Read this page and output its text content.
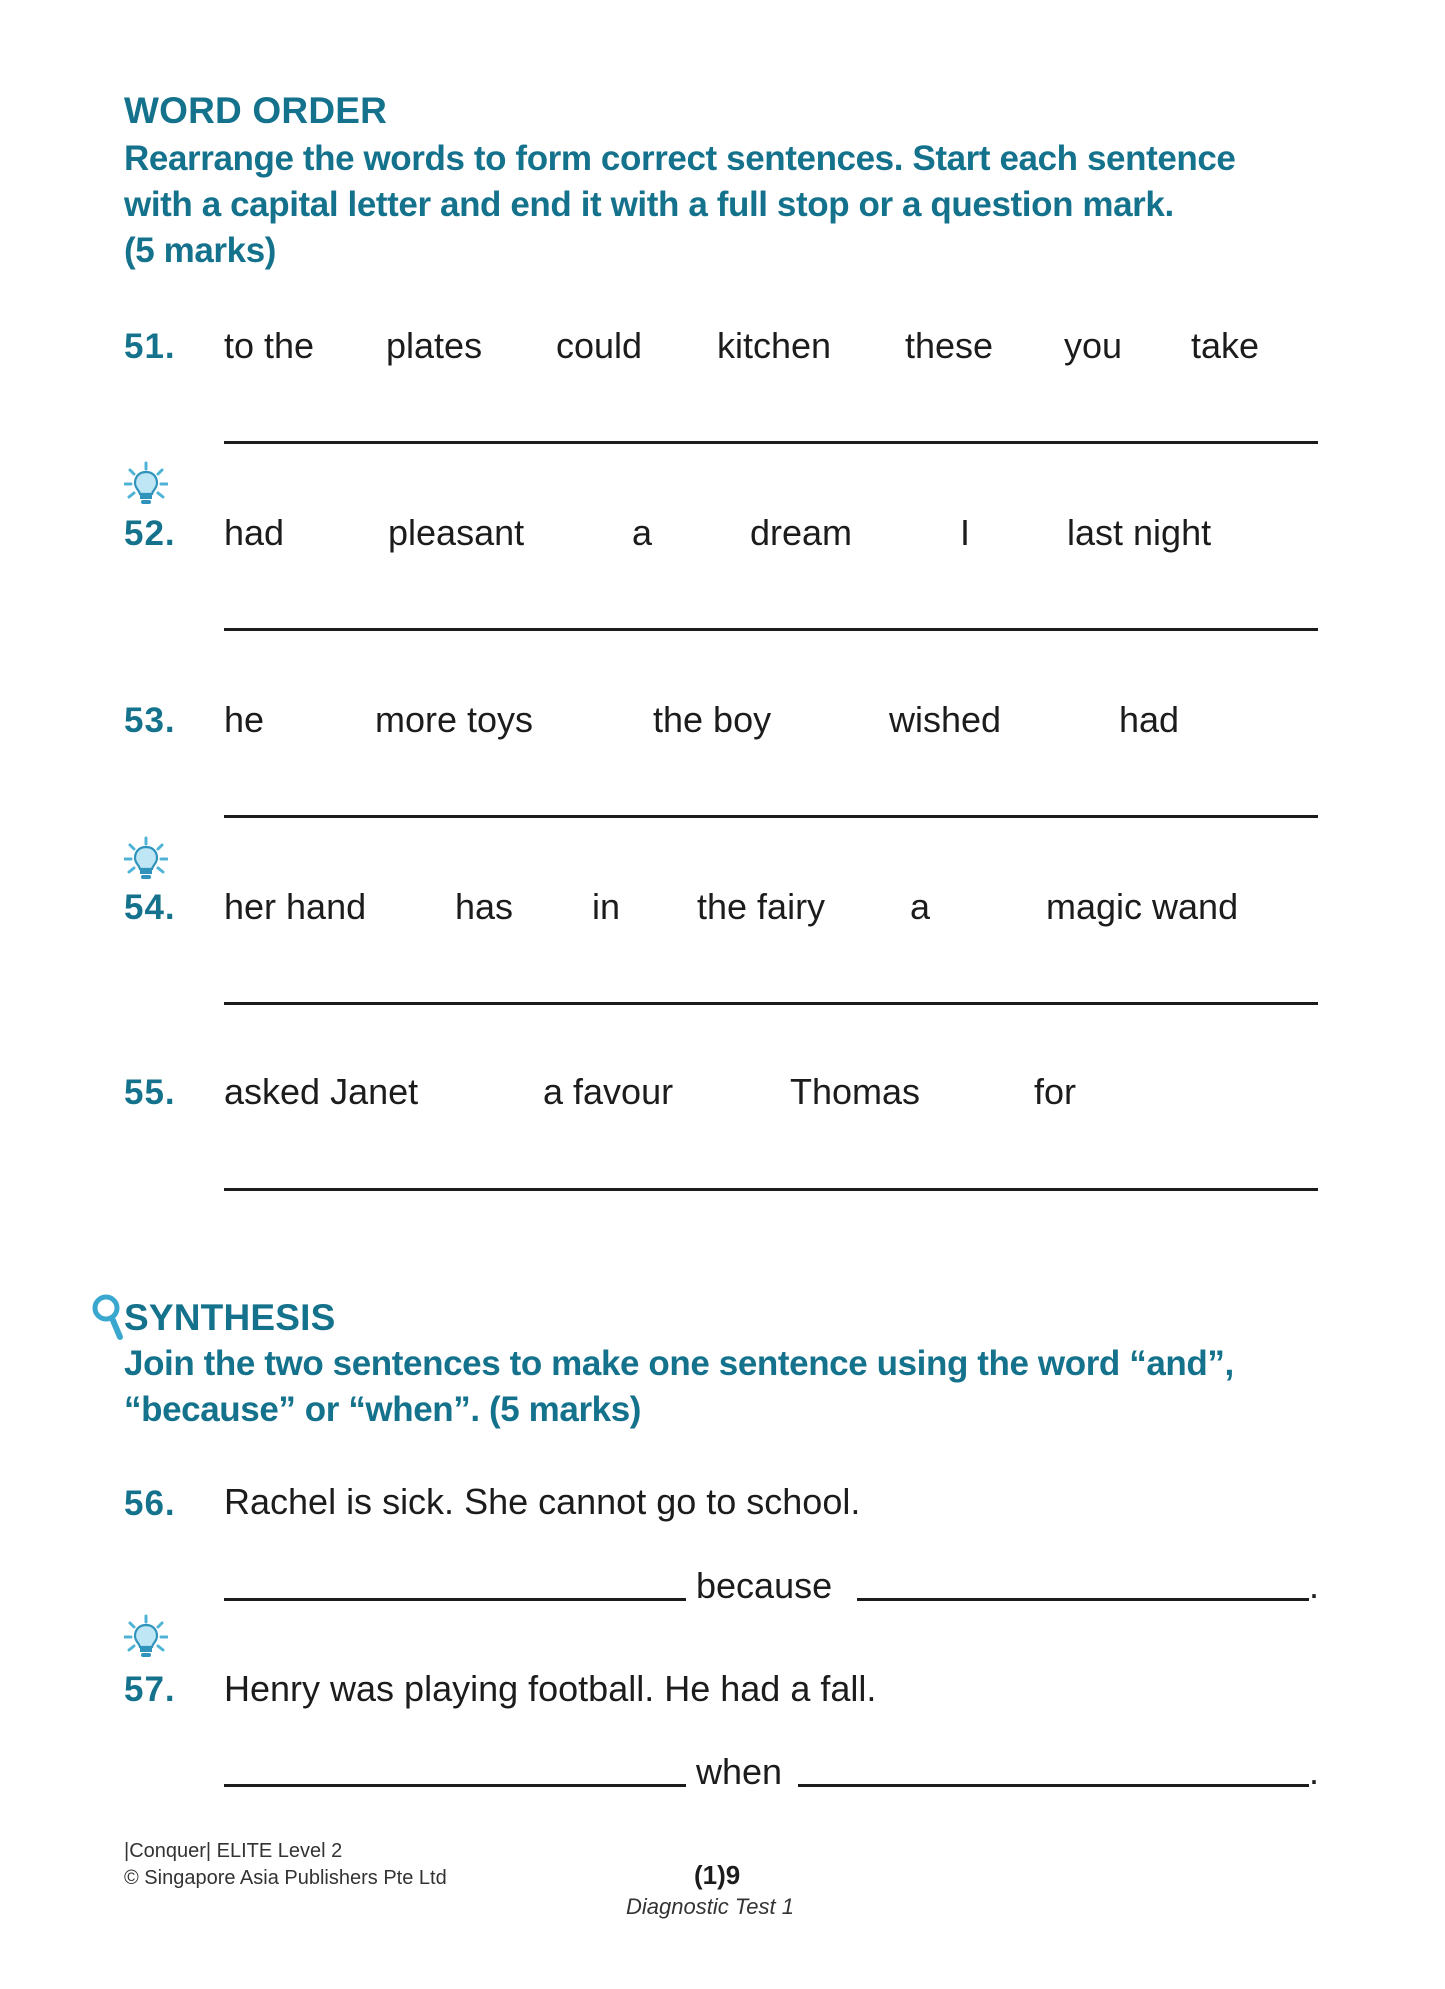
WORD ORDER
Rearrange the words to form correct sentences. Start each sentence
with a capital letter and end it with a full stop or a question mark.
(5 marks)
51. to the plates could kitchen these you take
52. had	pleasant	a	dream	I	last night
53. he	more toys	the boy	wished	had
54. her hand has in the fairy a	magic wand
55. asked Janet	a favour	Thomas	for
SYNTHESIS
Join the two sentences to make one sentence using the word “and”,
“because” or “when”. (5 marks)
56. Rachel is sick. She cannot go to school.
because	.
57. Henry was playing football. He had a fall.
when	.
|Conquer| ELITE Level 2
© Singapore Asia Publishers Pte Ltd	(1)9
Diagnostic Test 1
